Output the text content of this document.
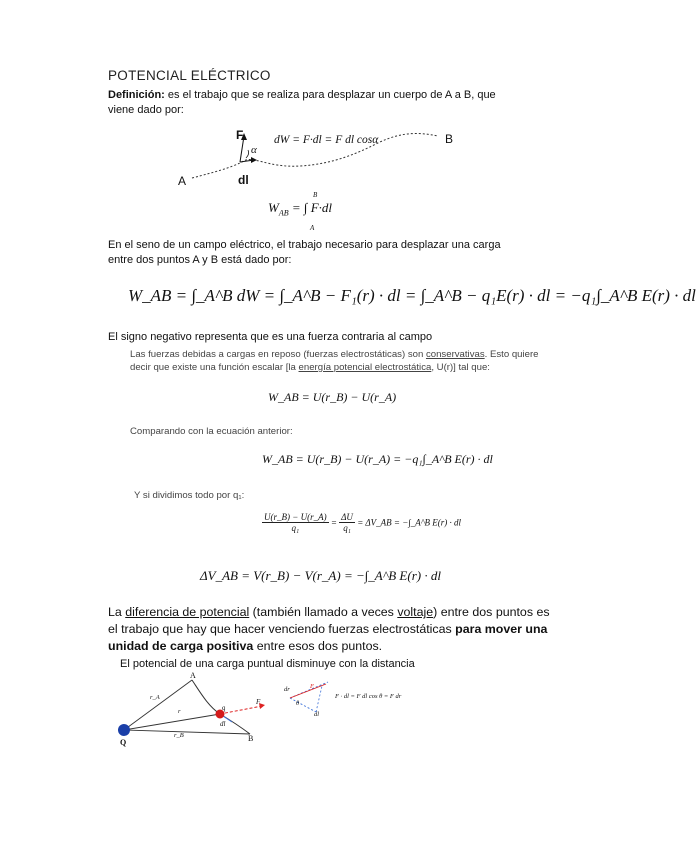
POTENCIAL ELÉCTRICO
Definición: es el trabajo que se realiza para desplazar un cuerpo de A a B, que
viene dado por:
F
α
dl
A
B
dW = F·dl = F dl cosα
$W_{AB}$ = ∫ F·dl
B
A
En el seno de un campo eléctrico, el trabajo necesario para desplazar una carga
entre dos puntos A y B está dado por:
W_AB = ∫_A^B dW = ∫_A^B − F₁(r) · dl = ∫_A^B − q₁E(r) · dl = −q₁∫_A^B E(r) · dl
El signo negativo representa que es una fuerza contraria al campo
Las fuerzas debidas a cargas en reposo (fuerzas electrostáticas) son conservativas. Esto quiere
decir que existe una función escalar [la energía potencial electrostática, U(r)] tal que:
W_AB = U(r_B) − U(r_A)
Comparando con la ecuación anterior:
W_AB = U(r_B) − U(r_A) = −q₁∫_A^B E(r) · dl
Y si dividimos todo por q₁:
$\frac{U(r\_B) - U(r\_A)}{\text{q₁}} = \frac{\Delta U}{\text{q₁}}$ = ΔV_AB = −∫_A^B E(r) · dl
ΔV_AB = V(r_B) − V(r_A) = −∫_A^B E(r) · dl
La diferencia de potencial (también llamado a veces voltaje) entre dos puntos es
el trabajo que hay que hacer venciendo fuerzas electrostáticas para mover una
unidad de carga positiva entre esos dos puntos.
El potencial de una carga puntual disminuye con la distancia
A
B
Q
q
r_A
r
r_B
F⃗
dl⃗
dr	F⃗
θ
dl⃗
F · dl = F dl cos θ = F dr
